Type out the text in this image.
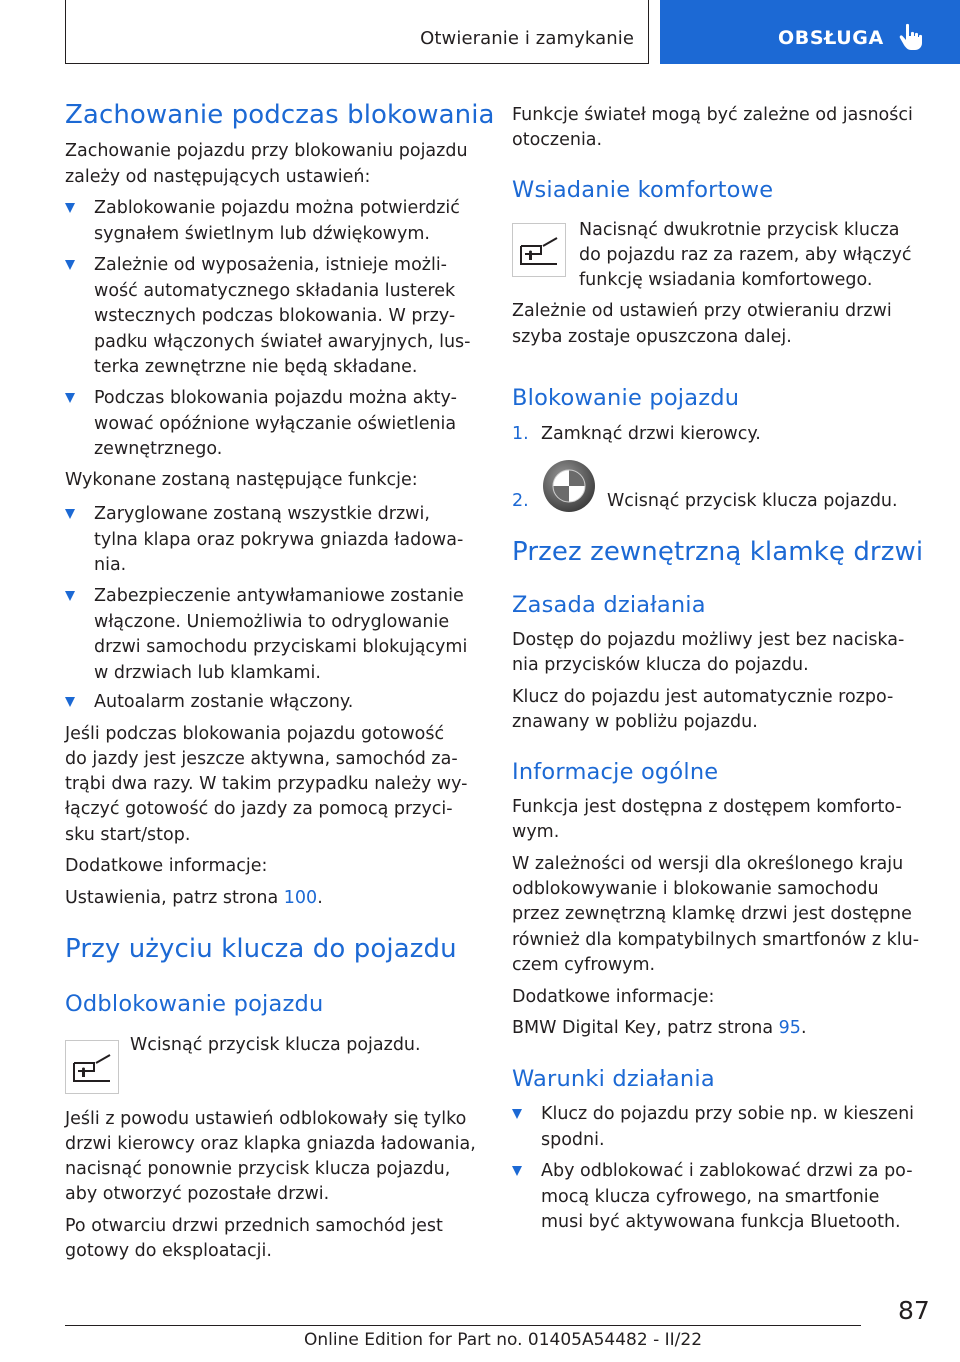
Otwieranie i zamykanie	OBSŁUGA
Zachowanie podczas blokowania
Zachowanie pojazdu przy blokowaniu pojazdu
zależy od następujących ustawień:
Zablokowanie pojazdu można potwierdzić
sygnałem świetlnym lub dźwiękowym.
Zależnie od wyposażenia, istnieje możli-
wość automatycznego składania lusterek
wstecznych podczas blokowania. W przy-
padku włączonych świateł awaryjnych, lus-
terka zewnętrzne nie będą składane.
Podczas blokowania pojazdu można akty-
wować opóźnione wyłączanie oświetlenia
zewnętrznego.
Wykonane zostaną następujące funkcje:
Zaryglowane zostaną wszystkie drzwi,
tylna klapa oraz pokrywa gniazda ładowa-
nia.
Zabezpieczenie antywłamaniowe zostanie
włączone. Uniemożliwia to odryglowanie
drzwi samochodu przyciskami blokującymi
w drzwiach lub klamkami.
Autoalarm zostanie włączony.
Jeśli podczas blokowania pojazdu gotowość
do jazdy jest jeszcze aktywna, samochód za-
trąbi dwa razy. W takim przypadku należy wy-
łączyć gotowość do jazdy za pomocą przyci-
sku start/stop.
Dodatkowe informacje:
Ustawienia, patrz strona 100.
Przy użyciu klucza do pojazdu
Odblokowanie pojazdu
Wcisnąć przycisk klucza pojazdu.
Jeśli z powodu ustawień odblokowały się tylko
drzwi kierowcy oraz klapka gniazda ładowania,
nacisnąć ponownie przycisk klucza pojazdu,
aby otworzyć pozostałe drzwi.
Po otwarciu drzwi przednich samochód jest
gotowy do eksploatacji.
Funkcje świateł mogą być zależne od jasności
otoczenia.
Wsiadanie komfortowe
Nacisnąć dwukrotnie przycisk klucza
do pojazdu raz za razem, aby włączyć
funkcję wsiadania komfortowego.
Zależnie od ustawień przy otwieraniu drzwi
szyba zostaje opuszczona dalej.
Blokowanie pojazdu
1. Zamknąć drzwi kierowcy.
2.	Wcisnąć przycisk klucza pojazdu.
Przez zewnętrzną klamkę drzwi
Zasada działania
Dostęp do pojazdu możliwy jest bez naciska-
nia przycisków klucza do pojazdu.
Klucz do pojazdu jest automatycznie rozpo-
znawany w pobliżu pojazdu.
Informacje ogólne
Funkcja jest dostępna z dostępem komforto-
wym.
W zależności od wersji dla określonego kraju
odblokowywanie i blokowanie samochodu
przez zewnętrzną klamkę drzwi jest dostępne
również dla kompatybilnych smartfonów z klu-
czem cyfrowym.
Dodatkowe informacje:
BMW Digital Key, patrz strona 95.
Warunki działania
Klucz do pojazdu przy sobie np. w kieszeni
spodni.
Aby odblokować i zablokować drzwi za po-
mocą klucza cyfrowego, na smartfonie
musi być aktywowana funkcja Bluetooth.
87
Online Edition for Part no. 01405A54482 - II/22
